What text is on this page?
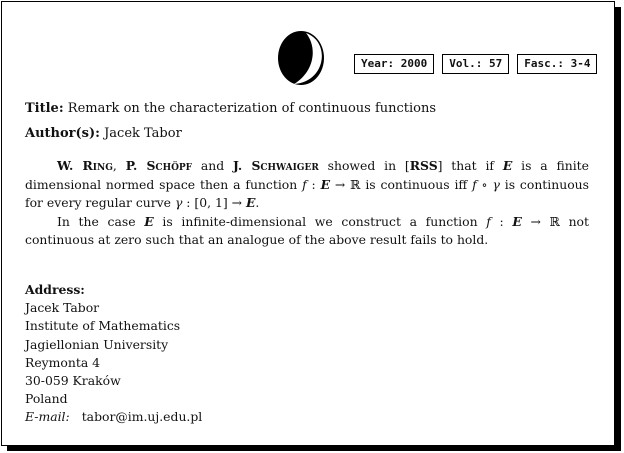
Year: 2000	Vol.: 57	Fasc.: 3-4
Title: Remark on the characterization of continuous functions
Author(s): Jacek Tabor

W. Ring, P. Schöpf and J. Schwaiger showed in [RSS] that if E is a finite dimensional normed space then a function f : E → ℝ is continuous iff f ∘ γ is continuous for every regular curve γ : [0, 1] → E.

In the case E is infinite-dimensional we construct a function f : E → ℝ not continuous at zero such that an analogue of the above result fails to hold.

Address:
Jacek Tabor
Institute of Mathematics
Jagiellonian University
Reymonta 4
30-059 Kraków
Poland
E-mail: tabor@im.uj.edu.pl
